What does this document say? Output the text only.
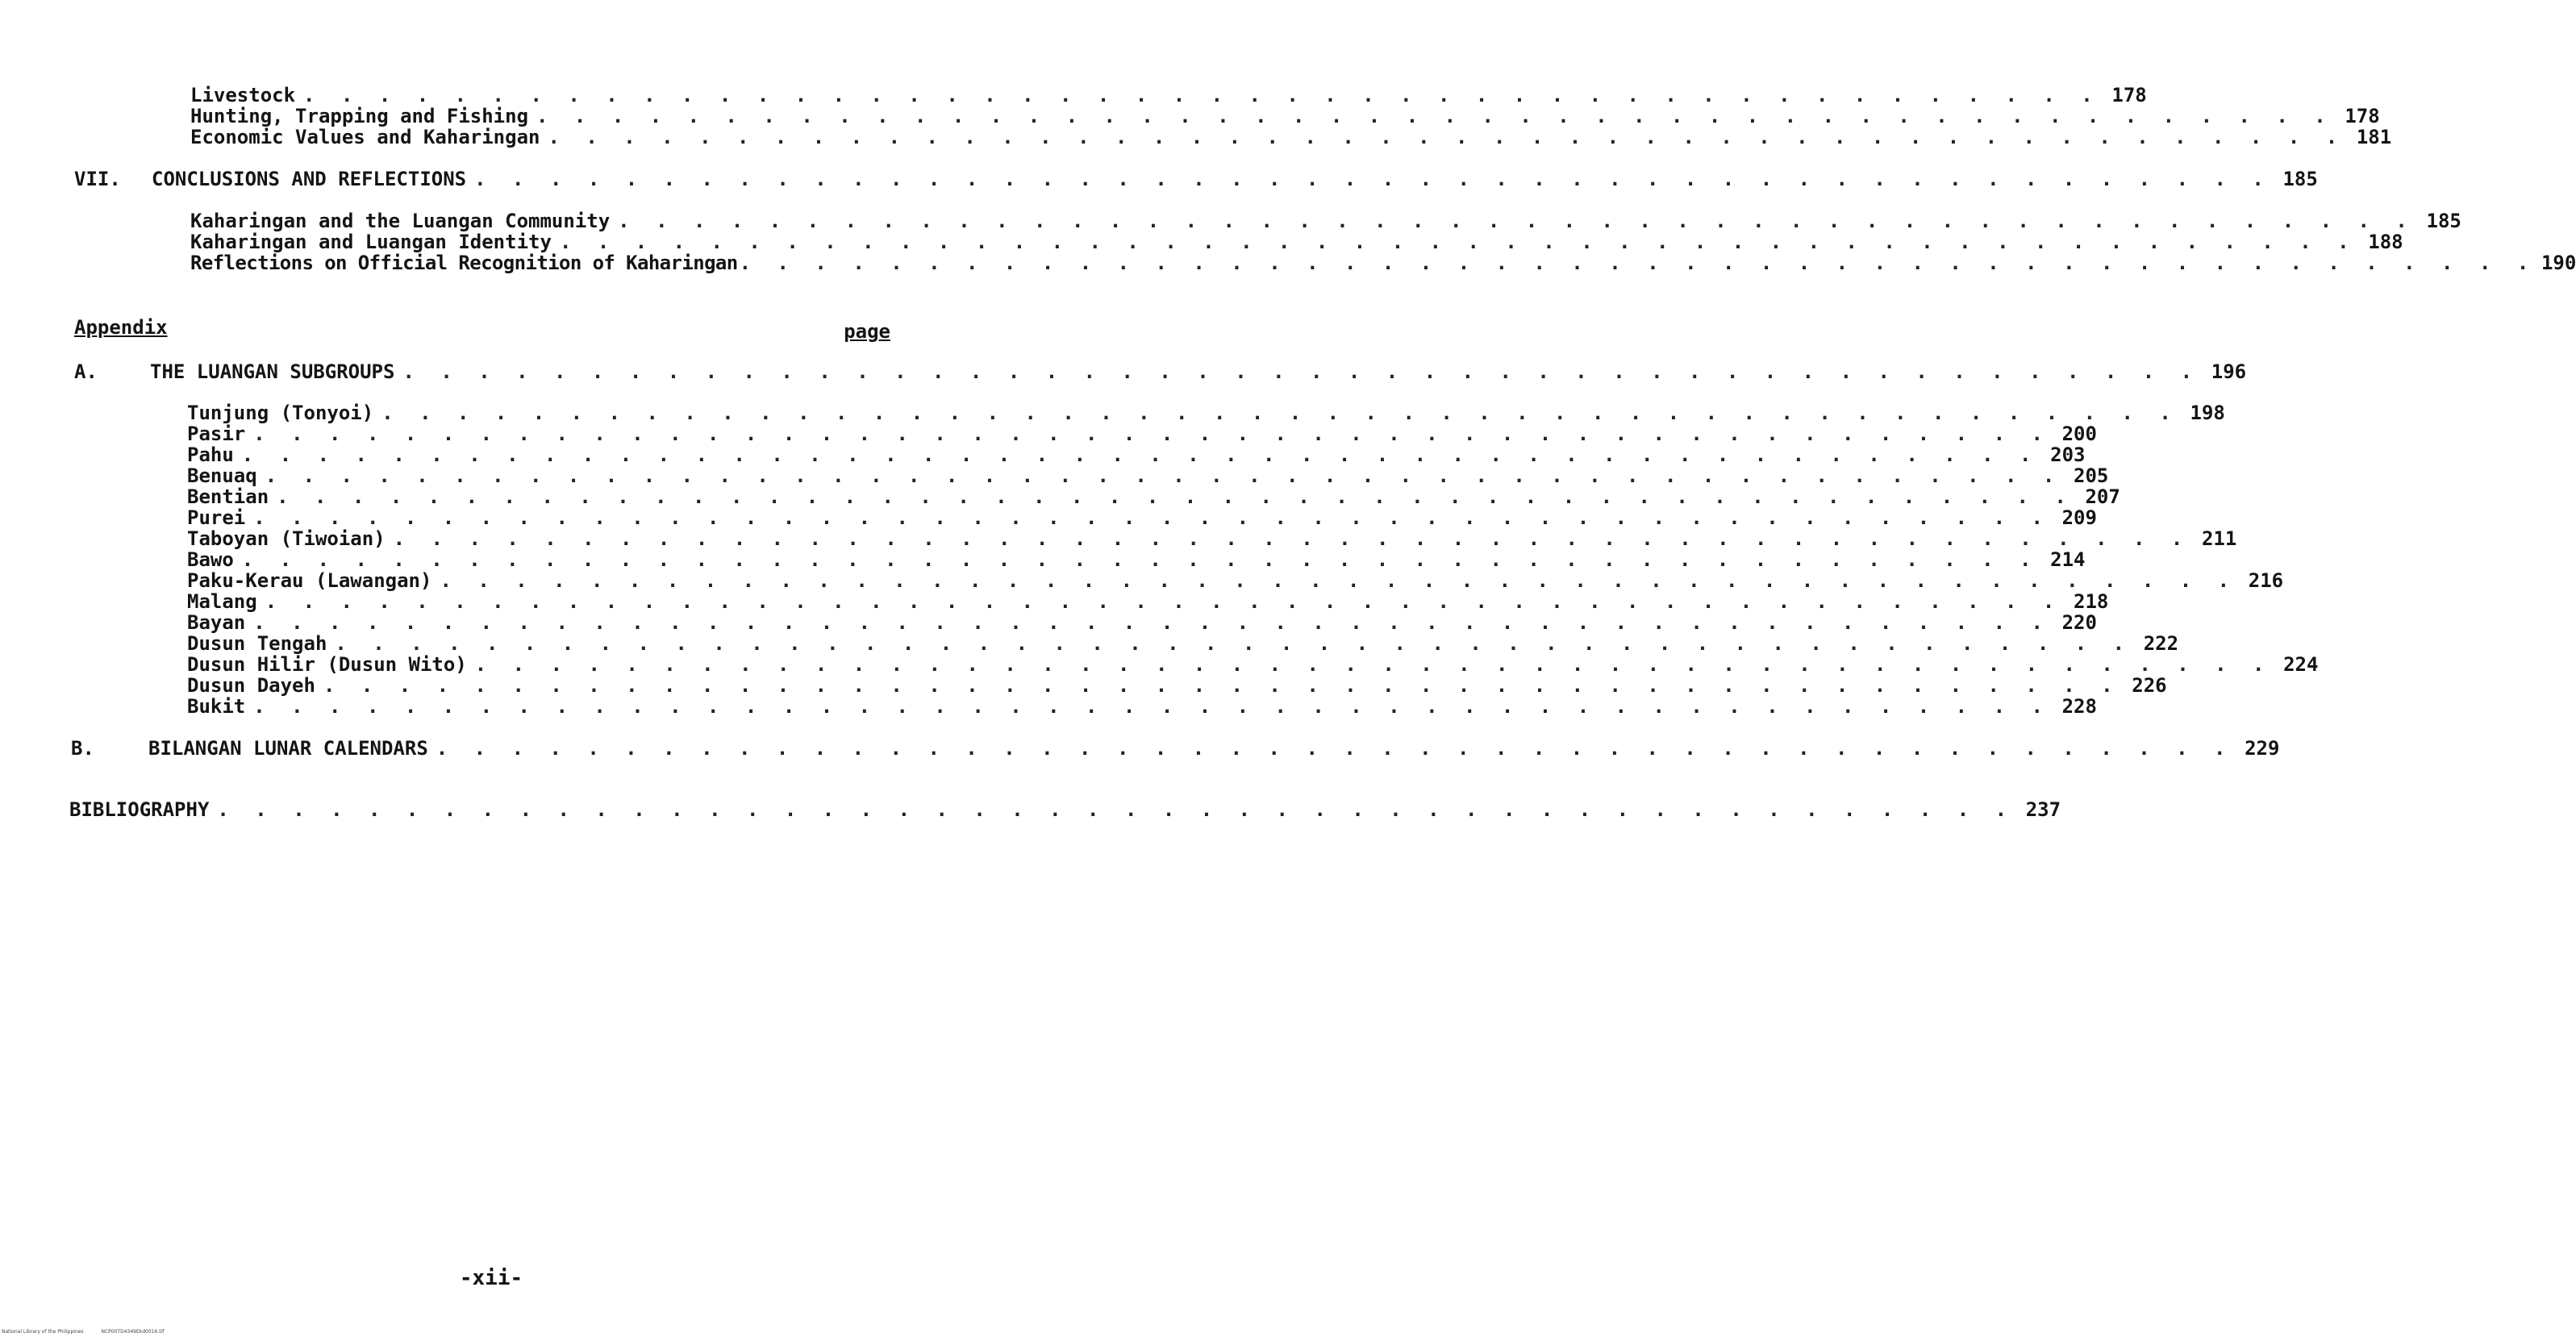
Livestock . . . . . . . . . . . . . . . . . . . . . . . . . . . . . . . . . . . . . . . . . . . . . . . . 178
Hunting, Trapping and Fishing . . . . . . . . . . . . . . . . . . . . . . . . . . . . . . . . . . . . . . . . . . . . . . . . 178
Economic Values and Kaharingan . . . . . . . . . . . . . . . . . . . . . . . . . . . . . . . . . . . . . . . . . . . . . . . . 181
VII.	CONCLUSIONS AND REFLECTIONS . . . . . . . . . . . . . . . . . . . . . . . . . . . . . . . . . . . . . . . . . . . . . . . . 185
Kaharingan and the Luangan Community . . . . . . . . . . . . . . . . . . . . . . . . . . . . . . . . . . . . . . . . . . . . . . . . 185
Kaharingan and Luangan Identity . . . . . . . . . . . . . . . . . . . . . . . . . . . . . . . . . . . . . . . . . . . . . . . . 188
Reflections on Official Recognition of Kaharingan . . . . . . . . . . . . . . . . . . . . . . . . . . . . . . . . . . . . . . . . . . . . . . . . 190
Appendix	page
A.	THE LUANGAN SUBGROUPS . . . . . . . . . . . . . . . . . . . . . . . . . . . . . . . . . . . . . . . . . . . . . . . . 196
Tunjung (Tonyoi) . . . . . . . . . . . . . . . . . . . . . . . . . . . . . . . . . . . . . . . . . . . . . . . . 198
Pasir . . . . . . . . . . . . . . . . . . . . . . . . . . . . . . . . . . . . . . . . . . . . . . . . 200
Pahu . . . . . . . . . . . . . . . . . . . . . . . . . . . . . . . . . . . . . . . . . . . . . . . . 203
Benuaq . . . . . . . . . . . . . . . . . . . . . . . . . . . . . . . . . . . . . . . . . . . . . . . . 205
Bentian . . . . . . . . . . . . . . . . . . . . . . . . . . . . . . . . . . . . . . . . . . . . . . . . 207
Purei . . . . . . . . . . . . . . . . . . . . . . . . . . . . . . . . . . . . . . . . . . . . . . . . 209
Taboyan (Tiwoian) . . . . . . . . . . . . . . . . . . . . . . . . . . . . . . . . . . . . . . . . . . . . . . . . 211
Bawo . . . . . . . . . . . . . . . . . . . . . . . . . . . . . . . . . . . . . . . . . . . . . . . . 214
Paku-Kerau (Lawangan) . . . . . . . . . . . . . . . . . . . . . . . . . . . . . . . . . . . . . . . . . . . . . . . . 216
Malang . . . . . . . . . . . . . . . . . . . . . . . . . . . . . . . . . . . . . . . . . . . . . . . . 218
Bayan . . . . . . . . . . . . . . . . . . . . . . . . . . . . . . . . . . . . . . . . . . . . . . . . 220
Dusun Tengah . . . . . . . . . . . . . . . . . . . . . . . . . . . . . . . . . . . . . . . . . . . . . . . . 222
Dusun Hilir (Dusun Wito) . . . . . . . . . . . . . . . . . . . . . . . . . . . . . . . . . . . . . . . . . . . . . . . . 224
Dusun Dayeh . . . . . . . . . . . . . . . . . . . . . . . . . . . . . . . . . . . . . . . . . . . . . . . . 226
Bukit . . . . . . . . . . . . . . . . . . . . . . . . . . . . . . . . . . . . . . . . . . . . . . . . 228
B.	BILANGAN LUNAR CALENDARS . . . . . . . . . . . . . . . . . . . . . . . . . . . . . . . . . . . . . . . . . . . . . . . . 229
BIBLIOGRAPHY . . . . . . . . . . . . . . . . . . . . . . . . . . . . . . . . . . . . . . . . . . . . . . . . 237
-xii-
National Library of the Philippines	NCP00TD4349Ekd0016.tif
